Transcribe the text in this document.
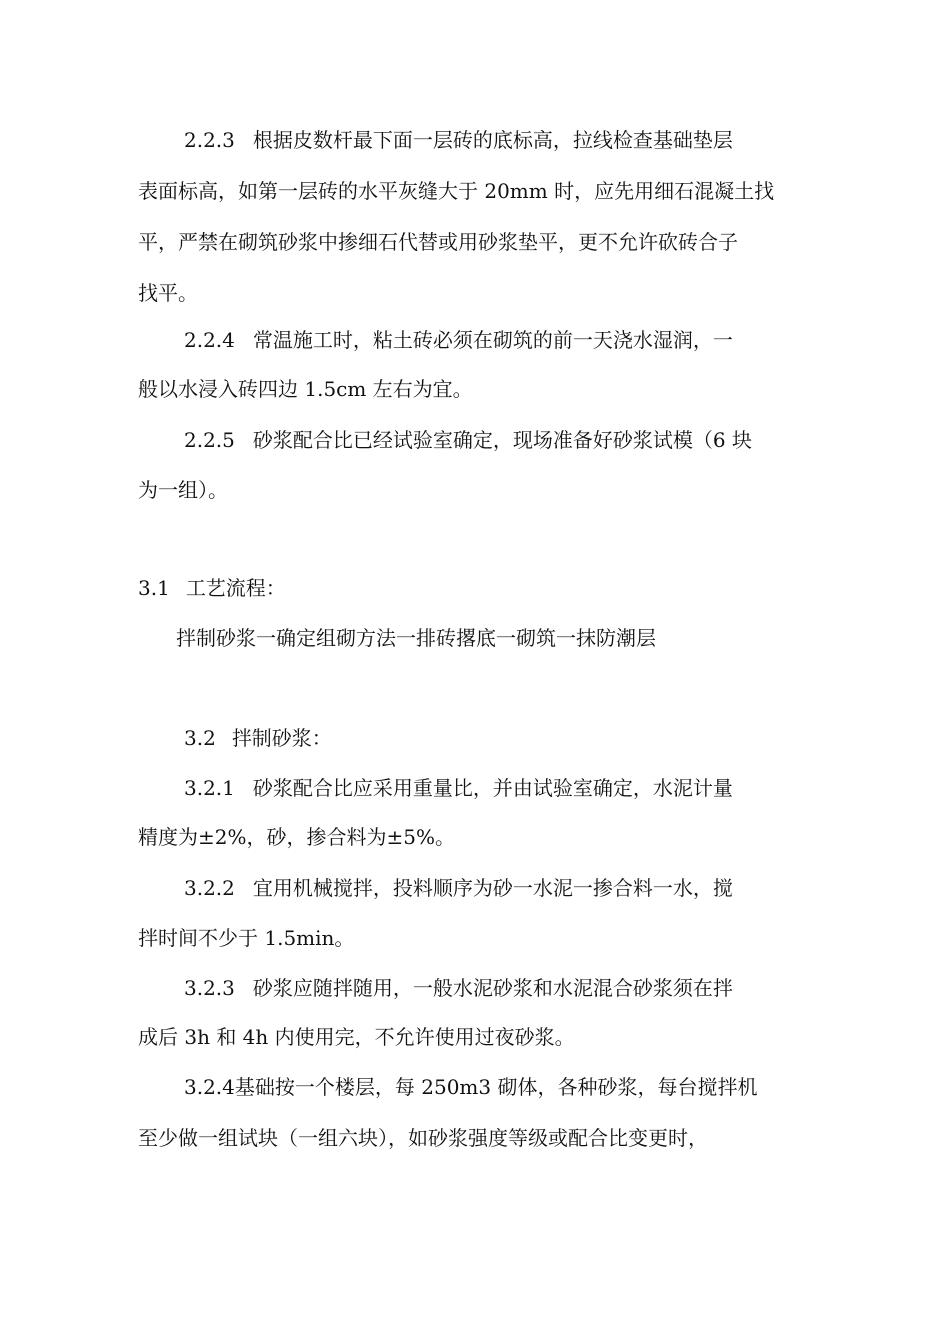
2.2.3 根据皮数杆最下面一层砖的底标高，拉线检查基础垫层
表面标高，如第一层砖的水平灰缝大于 20mm 时，应先用细石混凝土找
平，严禁在砌筑砂浆中掺细石代替或用砂浆垫平，更不允许砍砖合子
找平。
2.2.4 常温施工时，粘土砖必须在砌筑的前一天浇水湿润，一
般以水浸入砖四边 1.5cm 左右为宜。
2.2.5 砂浆配合比已经试验室确定，现场准备好砂浆试模（6 块
为一组）。
3.1 工艺流程：
拌制砂浆一确定组砌方法一排砖撂底一砌筑一抹防潮层
3.2 拌制砂浆：
3.2.1 砂浆配合比应采用重量比，并由试验室确定，水泥计量
精度为±2%，砂，掺合料为±5%。
3.2.2 宜用机械搅拌，投料顺序为砂一水泥一掺合料一水，搅
拌时间不少于 1.5min。
3.2.3 砂浆应随拌随用，一般水泥砂浆和水泥混合砂浆须在拌
成后 3h 和 4h 内使用完，不允许使用过夜砂浆。
3.2.4基础按一个楼层，每 250m3 砌体，各种砂浆，每台搅拌机
至少做一组试块（一组六块），如砂浆强度等级或配合比变更时，
